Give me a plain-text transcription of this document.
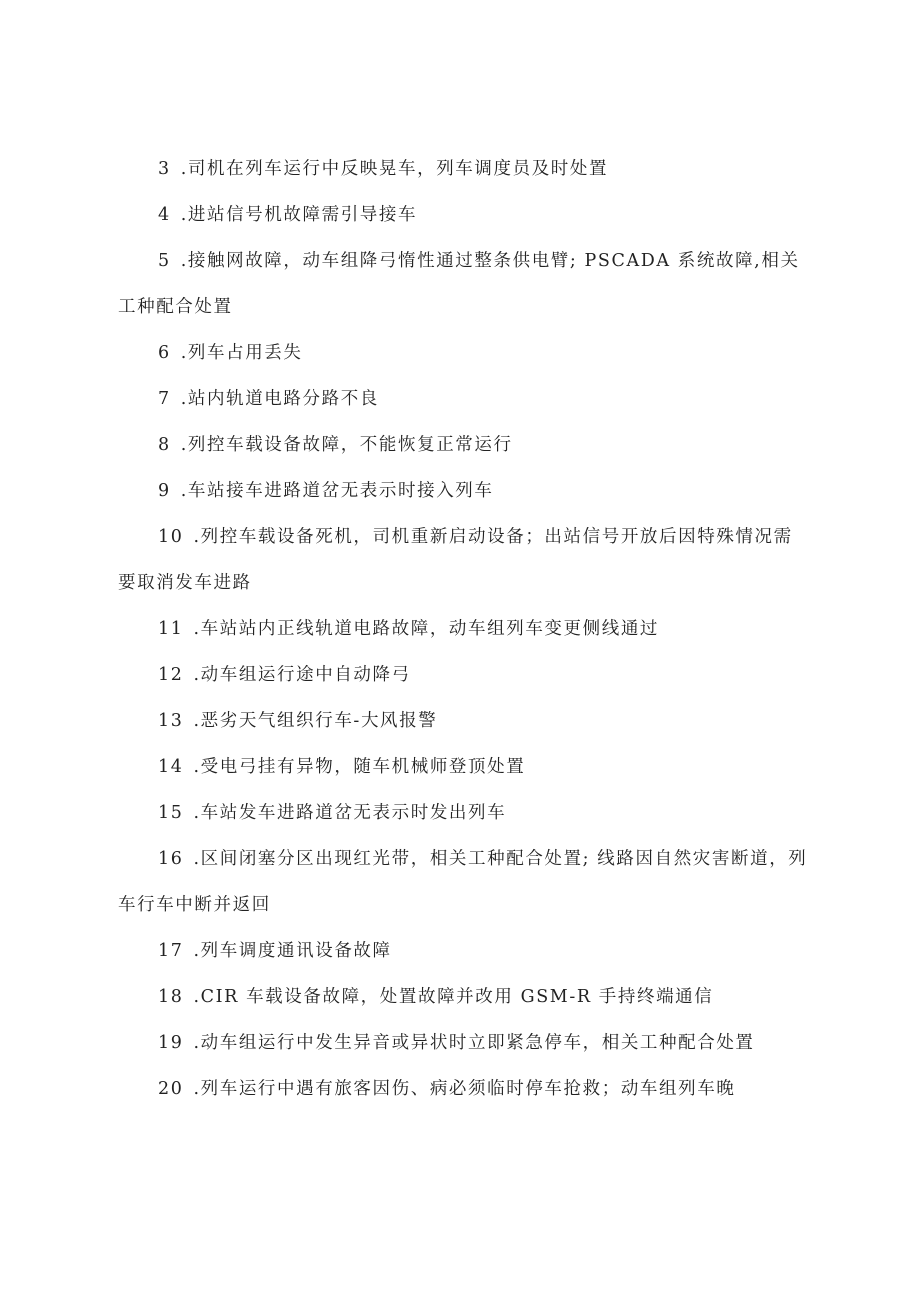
3 .司机在列车运行中反映晃车，列车调度员及时处置

4 .进站信号机故障需引导接车

5 .接触网故障，动车组降弓惰性通过整条供电臂; PSCADA 系统故障,相关工种配合处置

6 .列车占用丢失

7 .站内轨道电路分路不良

8 .列控车载设备故障，不能恢复正常运行

9 .车站接车进路道岔无表示时接入列车

10 .列控车载设备死机，司机重新启动设备；出站信号开放后因特殊情况需要取消发车进路

11 .车站站内正线轨道电路故障，动车组列车变更侧线通过

12 .动车组运行途中自动降弓

13 .恶劣天气组织行车-大风报警

14 .受电弓挂有异物，随车机械师登顶处置

15 .车站发车进路道岔无表示时发出列车

16 .区间闭塞分区出现红光带，相关工种配合处置; 线路因自然灾害断道，列车行车中断并返回

17 .列车调度通讯设备故障

18 .CIR 车载设备故障，处置故障并改用 GSM-R 手持终端通信

19 .动车组运行中发生异音或异状时立即紧急停车，相关工种配合处置

20 .列车运行中遇有旅客因伤、病必须临时停车抢救；动车组列车晚
